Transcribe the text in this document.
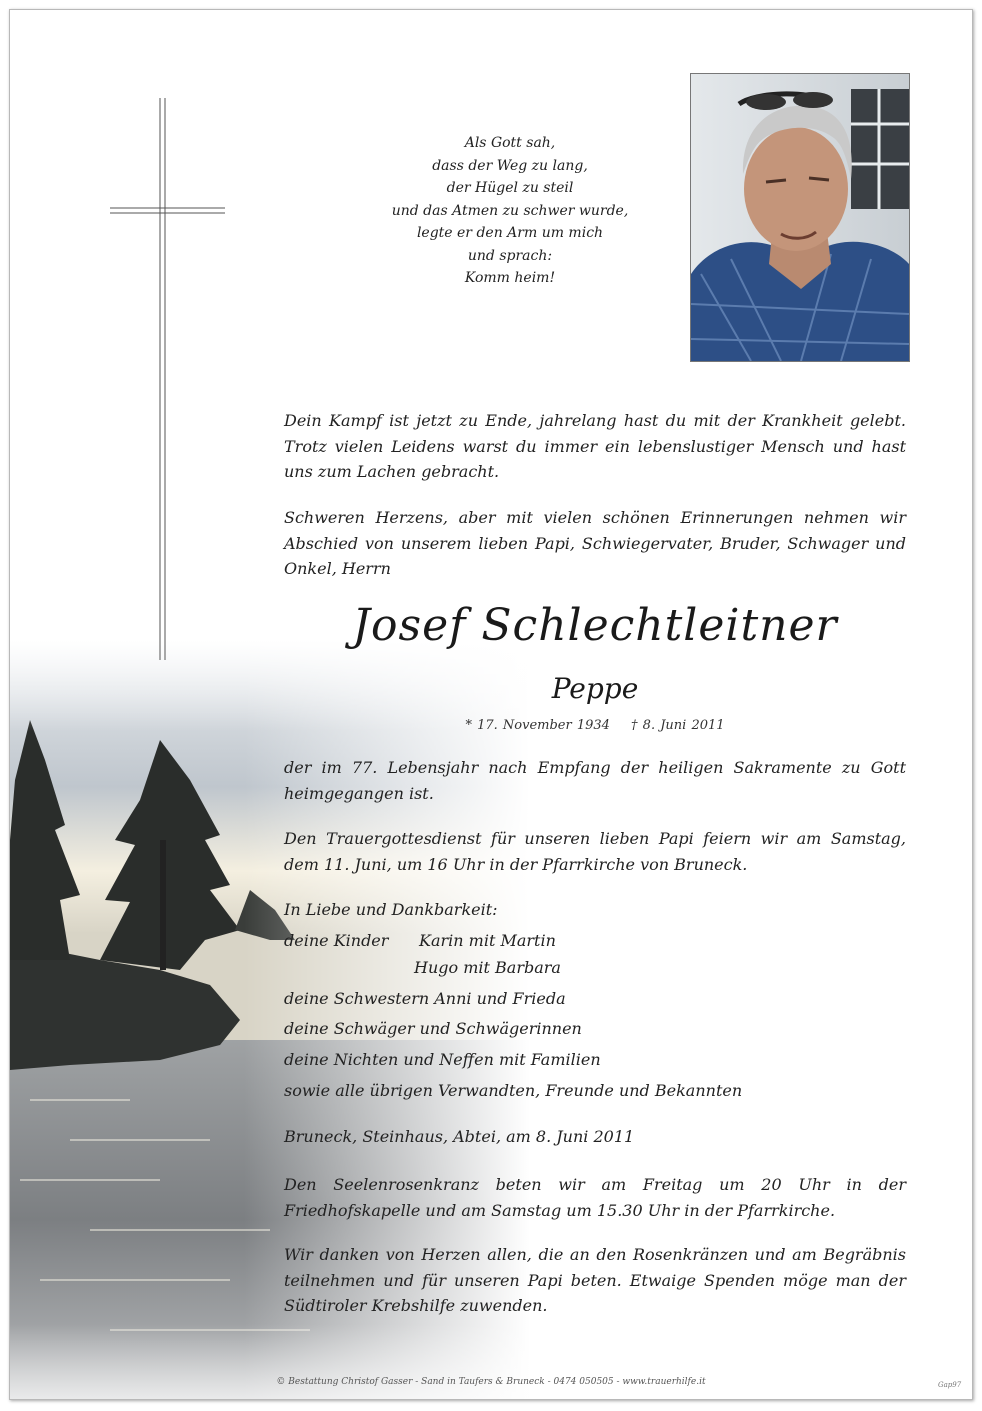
Als Gott sah,
dass der Weg zu lang,
der Hügel zu steil
und das Atmen zu schwer wurde,
legte er den Arm um mich
und sprach:
Komm heim!
Dein Kampf ist jetzt zu Ende, jahrelang hast du mit der Krankheit gelebt. Trotz vielen Leidens warst du immer ein lebenslustiger Mensch und hast uns zum Lachen gebracht.
Schweren Herzens, aber mit vielen schönen Erinnerungen nehmen wir Abschied von unserem lieben Papi, Schwiegervater, Bruder, Schwager und Onkel, Herrn
Josef Schlechtleitner
Peppe
* 17. November 1934 † 8. Juni 2011
der im 77. Lebensjahr nach Empfang der heiligen Sakramente zu Gott heimgegangen ist.
Den Trauergottesdienst für unseren lieben Papi feiern wir am Samstag, dem 11. Juni, um 16 Uhr in der Pfarrkirche von Bruneck.
In Liebe und Dankbarkeit:
deine Kinder Karin mit Martin
Hugo mit Barbara
deine Schwestern Anni und Frieda
deine Schwäger und Schwägerinnen
deine Nichten und Neffen mit Familien
sowie alle übrigen Verwandten, Freunde und Bekannten
Bruneck, Steinhaus, Abtei, am 8. Juni 2011
Den Seelenrosenkranz beten wir am Freitag um 20 Uhr in der Friedhofskapelle und am Samstag um 15.30 Uhr in der Pfarrkirche.
Wir danken von Herzen allen, die an den Rosenkränzen und am Begräbnis teilnehmen und für unseren Papi beten. Etwaige Spenden möge man der Südtiroler Krebshilfe zuwenden.
© Bestattung Christof Gasser - Sand in Taufers & Bruneck - 0474 050505 - www.trauerhilfe.it	Gap97
